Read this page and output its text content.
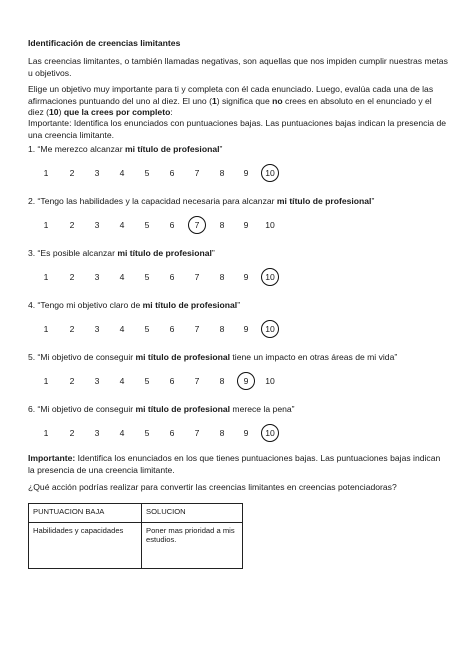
Identificación de creencias limitantes

Las creencias limitantes, o también llamadas negativas, son aquellas que nos impiden cumplir nuestras metas u objetivos.

Elige un objetivo muy importante para ti y completa con él cada enunciado. Luego, evalúa cada una de las afirmaciones puntuando del uno al diez. El uno (1) significa que no crees en absoluto en el enunciado y el diez (10) que la crees por completo:

Importante: Identifica los enunciados con puntuaciones bajas. Las puntuaciones bajas indican la presencia de una creencia limitante.

1. “Me merezco alcanzar mi título de profesional”
1	2	3	4	5	6	7	8	9	10
2. “Tengo las habilidades y la capacidad necesaria para alcanzar mi título de profesional”
1	2	3	4	5	6	7	8	9	10
3. “Es posible alcanzar mi título de profesional”
1	2	3	4	5	6	7	8	9	10
4. “Tengo mi objetivo claro de mi título de profesional”
1	2	3	4	5	6	7	8	9	10
5. “Mi objetivo de conseguir mi título de profesional tiene un impacto en otras áreas de mi vida”
1	2	3	4	5	6	7	8	9	10
6. “Mi objetivo de conseguir mi título de profesional merece la pena”
1	2	3	4	5	6	7	8	9	10

Importante: Identifica los enunciados en los que tienes puntuaciones bajas. Las puntuaciones bajas indican la presencia de una creencia limitante.

¿Qué acción podrías realizar para convertir las creencias limitantes en creencias potenciadoras?

PUNTUACION BAJA	SOLUCION
Habilidades y capacidades	Poner mas prioridad a mis estudios.
